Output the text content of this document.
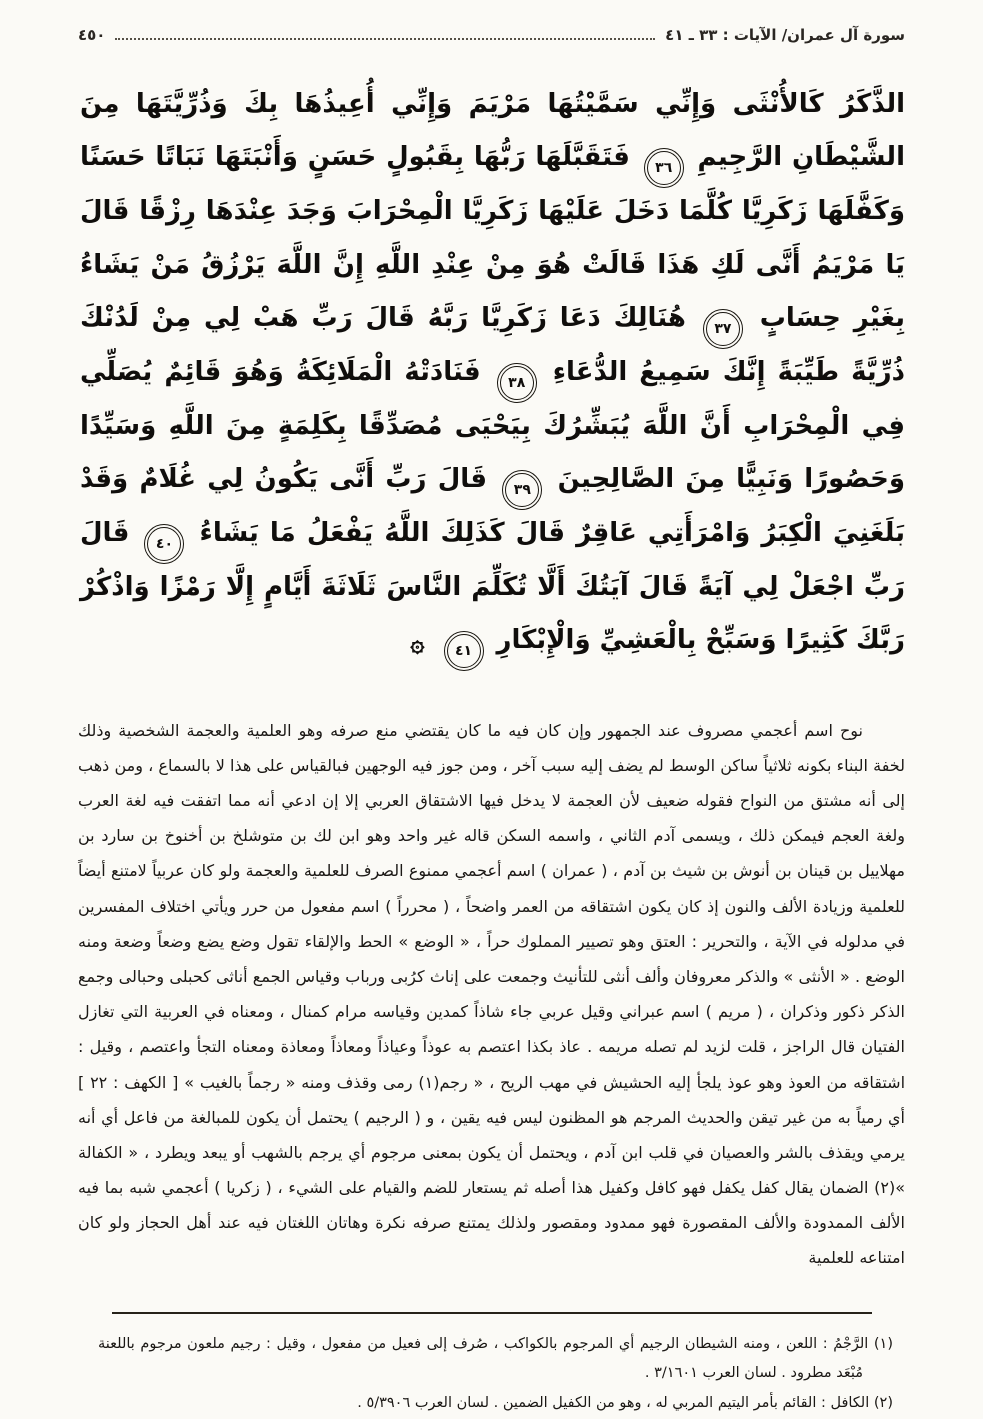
سورة آل عمران/ الآيات : ٣٣ ـ ٤١
٤٥٠
الذَّكَرُ كَالأُنْثَى وَإِنِّي سَمَّيْتُهَا مَرْيَمَ وَإِنِّي أُعِيذُهَا بِكَ وَذُرِّيَّتَهَا مِنَ الشَّيْطَانِ الرَّجِيمِ ٣٦ فَتَقَبَّلَهَا رَبُّهَا بِقَبُولٍ حَسَنٍ وَأَنْبَتَهَا نَبَاتًا حَسَنًا وَكَفَّلَهَا زَكَرِيَّا كُلَّمَا دَخَلَ عَلَيْهَا زَكَرِيَّا الْمِحْرَابَ وَجَدَ عِنْدَهَا رِزْقًا قَالَ يَا مَرْيَمُ أَنَّى لَكِ هَذَا قَالَتْ هُوَ مِنْ عِنْدِ اللَّهِ إِنَّ اللَّهَ يَرْزُقُ مَنْ يَشَاءُ بِغَيْرِ حِسَابٍ ٣٧ هُنَالِكَ دَعَا زَكَرِيَّا رَبَّهُ قَالَ رَبِّ هَبْ لِي مِنْ لَدُنْكَ ذُرِّيَّةً طَيِّبَةً إِنَّكَ سَمِيعُ الدُّعَاءِ ٣٨ فَنَادَتْهُ الْمَلَائِكَةُ وَهُوَ قَائِمٌ يُصَلِّي فِي الْمِحْرَابِ أَنَّ اللَّهَ يُبَشِّرُكَ بِيَحْيَى مُصَدِّقًا بِكَلِمَةٍ مِنَ اللَّهِ وَسَيِّدًا وَحَصُورًا وَنَبِيًّا مِنَ الصَّالِحِينَ ٣٩ قَالَ رَبِّ أَنَّى يَكُونُ لِي غُلَامٌ وَقَدْ بَلَغَنِيَ الْكِبَرُ وَامْرَأَتِي عَاقِرٌ قَالَ كَذَلِكَ اللَّهُ يَفْعَلُ مَا يَشَاءُ ٤٠ قَالَ رَبِّ اجْعَلْ لِي آيَةً قَالَ آيَتُكَ أَلَّا تُكَلِّمَ النَّاسَ ثَلَاثَةَ أَيَّامٍ إِلَّا رَمْزًا وَاذْكُرْ رَبَّكَ كَثِيرًا وَسَبِّحْ بِالْعَشِيِّ وَالْإِبْكَارِ ٤١ ۞

نوح اسم أعجمي مصروف عند الجمهور وإن كان فيه ما كان يقتضي منع صرفه وهو العلمية والعجمة الشخصية وذلك لخفة البناء بكونه ثلاثياً ساكن الوسط لم يضف إليه سبب آخر ، ومن جوز فيه الوجهين فبالقياس على هذا لا بالسماع ، ومن ذهب إلى أنه مشتق من النواح فقوله ضعيف لأن العجمة لا يدخل فيها الاشتقاق العربي إلا إن ادعي أنه مما اتفقت فيه لغة العرب ولغة العجم فيمكن ذلك ، ويسمى آدم الثاني ، واسمه السكن قاله غير واحد وهو ابن لك بن متوشلخ بن أخنوخ بن سارد بن مهلاييل بن قينان بن أنوش بن شيث بن آدم ، ( عمران ) اسم أعجمي ممنوع الصرف للعلمية والعجمة ولو كان عربياً لامتنع أيضاً للعلمية وزيادة الألف والنون إذ كان يكون اشتقاقه من العمر واضحاً ، ( محرراً ) اسم مفعول من حرر ويأتي اختلاف المفسرين في مدلوله في الآية ، والتحرير : العتق وهو تصيير المملوك حراً ، « الوضع » الحط والإلقاء تقول وضع يضع وضعاً وضعة ومنه الوضع . « الأنثى » والذكر معروفان وألف أنثى للتأنيث وجمعت على إناث كرُبى ورباب وقياس الجمع أناثى كحبلى وحبالى وجمع الذكر ذكور وذكران ، ( مريم ) اسم عبراني وقيل عربي جاء شاذاً كمدين وقياسه مرام كمنال ، ومعناه في العربية التي تغازل الفتيان قال الراجز ، قلت لزيد لم تصله مريمه . عاذ بكذا اعتصم به عوذاً وعياذاً ومعاذاً ومعاذة ومعناه التجأ واعتصم ، وقيل : اشتقاقه من العوذ وهو عوذ يلجأ إليه الحشيش في مهب الريح ، « رجم(١) رمى وقذف ومنه « رجماً بالغيب » [ الكهف : ٢٢ ] أي رمياً به من غير تيقن والحديث المرجم هو المظنون ليس فيه يقين ، و ( الرجيم ) يحتمل أن يكون للمبالغة من فاعل أي أنه يرمي ويقذف بالشر والعصيان في قلب ابن آدم ، ويحتمل أن يكون بمعنى مرجوم أي يرجم بالشهب أو يبعد ويطرد ، « الكفالة »(٢) الضمان يقال كفل يكفل فهو كافل وكفيل هذا أصله ثم يستعار للضم والقيام على الشيء ، ( زكريا ) أعجمي شبه بما فيه الألف الممدودة والألف المقصورة فهو ممدود ومقصور ولذلك يمتنع صرفه نكرة وهاتان اللغتان فيه عند أهل الحجاز ولو كان امتناعه للعلمية

(١) الرَّجْمُ : اللعن ، ومنه الشيطان الرجيم أي المرجوم بالكواكب ، صُرف إلى فعيل من مفعول ، وقيل : رجيم ملعون مرجوم باللعنة مُبْعَد مطرود . لسان العرب ٣/١٦٠١ .
(٢) الكافل : القائم بأمر اليتيم المربي له ، وهو من الكفيل الضمين . لسان العرب ٥/٣٩٠٦ .
